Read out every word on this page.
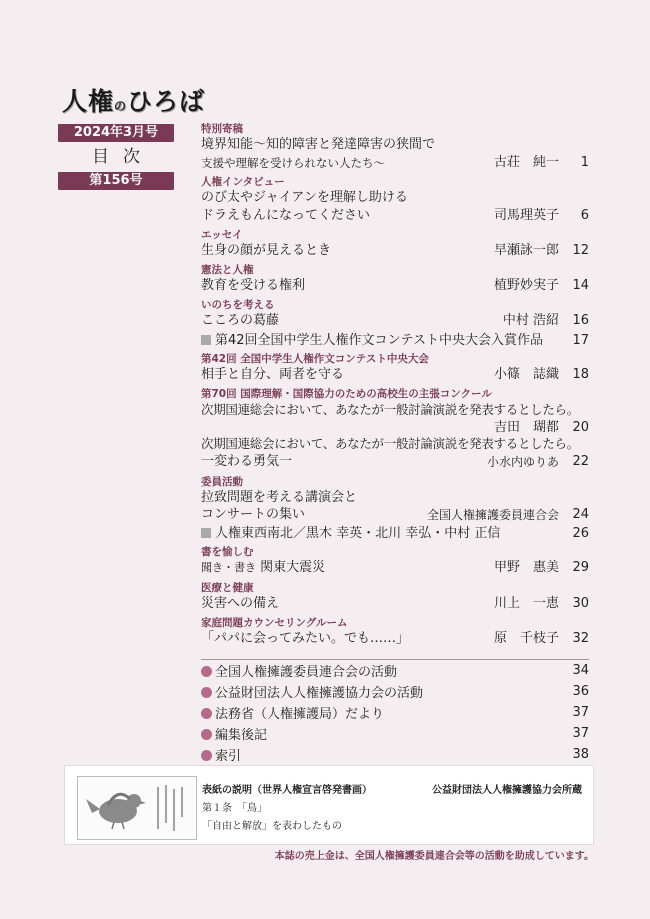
人権のひろば
2024年3月号
目次
第156号
特別寄稿
境界知能〜知的障害と発達障害の狭間で
支援や理解を受けられない人たち〜	古荘　純一	1
人権インタビュー
のび太やジャイアンを理解し助ける
ドラえもんになってください	司馬理英子	6
エッセイ
生身の顔が見えるとき	早瀬詠一郎	12
憲法と人権
教育を受ける権利	植野妙実子	14
いのちを考える
こころの葛藤	中村 浩紹	16
第42回全国中学生人権作文コンテスト中央大会入賞作品	17
第42回 全国中学生人権作文コンテスト中央大会
相手と自分、両者を守る	小篠　誌織	18
第70回 国際理解・国際協力のための高校生の主張コンクール
次期国連総会において、あなたが一般討論演説を発表するとしたら。
吉田　瑚都	20
次期国連総会において、あなたが一般討論演説を発表するとしたら。
一変わる勇気一	小水内ゆりあ	22
委員活動
拉致問題を考える講演会と
コンサートの集い	全国人権擁護委員連合会	24
人権東西南北／黒木 幸英・北川 幸弘・中村 正信	26
書を愉しむ
聞き・書き 関東大震災	甲野　惠美	29
医療と健康
災害への備え	川上　一恵	30
家庭問題カウンセリングルーム
「パパに会ってみたい。でも……」	原　千枝子	32
全国人権擁護委員連合会の活動	34
公益財団法人人権擁護協力会の活動	36
法務省（人権擁護局）だより	37
編集後記	37
索引	38
表紙の説明（世界人権宣言啓発書画）	公益財団法人人権擁護協力会所蔵
第１条　「鳥」
「自由と解放」を表わしたもの
本誌の売上金は、全国人権擁護委員連合会等の活動を助成しています。
